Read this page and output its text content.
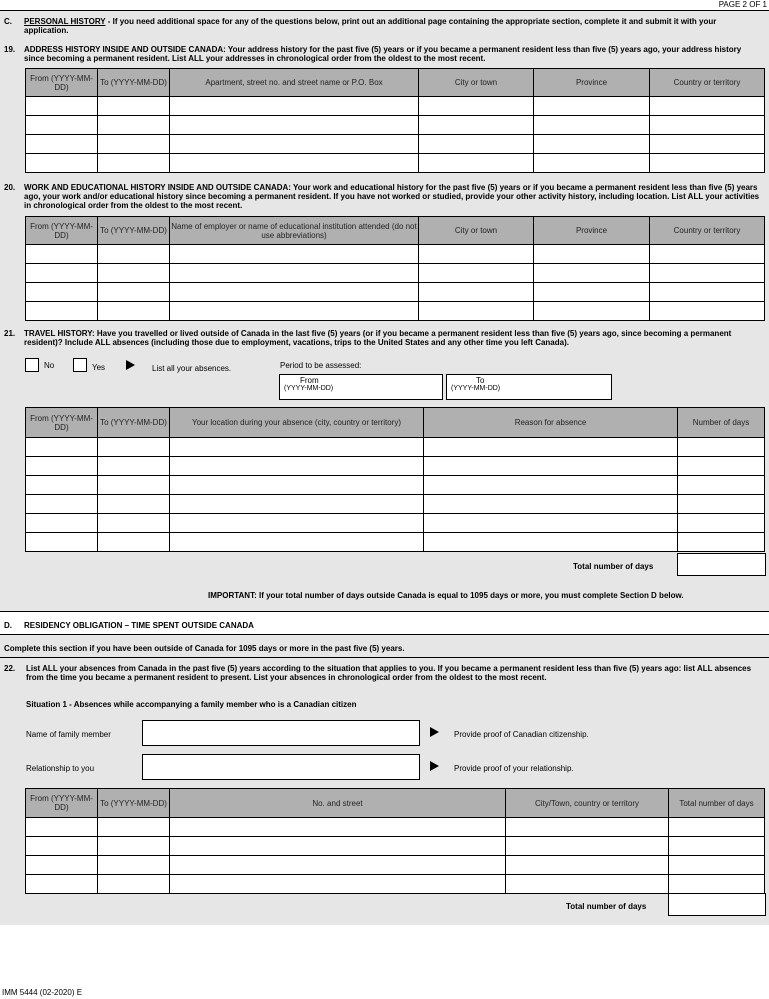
PAGE 2 OF 1
C. PERSONAL HISTORY - If you need additional space for any of the questions below, print out an additional page containing the appropriate section, complete it and submit it with your application.
19. ADDRESS HISTORY INSIDE AND OUTSIDE CANADA: Your address history for the past five (5) years or if you became a permanent resident less than five (5) years ago, your address history since becoming a permanent resident. List ALL your addresses in chronological order from the oldest to the most recent.
From (YYYY-MM-DD)	To (YYYY-MM-DD)	Apartment, street no. and street name or P.O. Box	City or town	Province	Country or territory

20. WORK AND EDUCATIONAL HISTORY INSIDE AND OUTSIDE CANADA: Your work and educational history for the past five (5) years or if you became a permanent resident less than five (5) years ago, your work and/or educational history since becoming a permanent resident. If you have not worked or studied, provide your other activity history, including location. List ALL your activities in chronological order from the oldest to the most recent.
From (YYYY-MM-DD)	To (YYYY-MM-DD)	Name of employer or name of educational institution attended (do not use abbreviations)	City or town	Province	Country or territory

21. TRAVEL HISTORY: Have you travelled or lived outside of Canada in the last five (5) years (or if you became a permanent resident less than five (5) years ago, since becoming a permanent resident)? Include ALL absences (including those due to employment, vacations, trips to the United States and any other time you left Canada).
No	Yes	List all your absences.	Period to be assessed:
From
(YYYY-MM-DD)
To
(YYYY-MM-DD)
From (YYYY-MM-DD)	To (YYYY-MM-DD)	Your location during your absence (city, country or territory)	Reason for absence	Number of days

Total number of days
IMPORTANT: If your total number of days outside Canada is equal to 1095 days or more, you must complete Section D below.
D. RESIDENCY OBLIGATION – TIME SPENT OUTSIDE CANADA
Complete this section if you have been outside of Canada for 1095 days or more in the past five (5) years.
22. List ALL your absences from Canada in the past five (5) years according to the situation that applies to you. If you became a permanent resident less than five (5) years ago: list ALL absences from the time you became a permanent resident to present. List your absences in chronological order from the oldest to the most recent.
Situation 1 - Absences while accompanying a family member who is a Canadian citizen
Name of family member	Provide proof of Canadian citizenship.
Relationship to you	Provide proof of your relationship.
From (YYYY-MM-DD)	To (YYYY-MM-DD)	No. and street	City/Town, country or territory	Total number of days

Total number of days
IMM 5444 (02-2020) E
